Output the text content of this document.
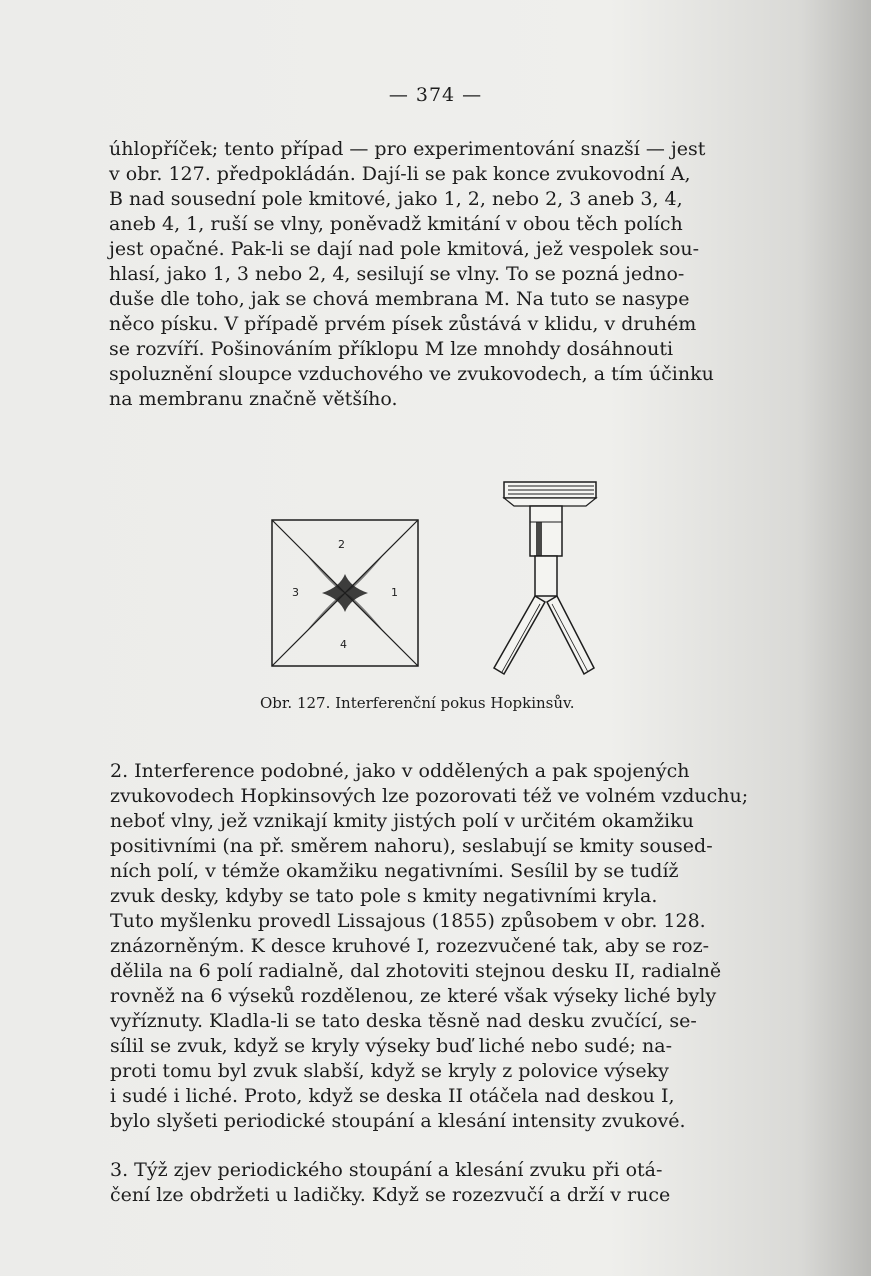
— 374 —
úhlopříček; tento případ — pro experimentování snazší — jest
v obr. 127. předpokládán. Dají-li se pak konce zvukovodní A,
B nad sousední pole kmitové, jako 1, 2, nebo 2, 3 aneb 3, 4,
aneb 4, 1, ruší se vlny, poněvadž kmitání v obou těch polích
jest opačné. Pak-li se dají nad pole kmitová, jež vespolek sou-
hlasí, jako 1, 3 nebo 2, 4, sesilují se vlny. To se pozná jedno-
duše dle toho, jak se chová membrana M. Na tuto se nasype
něco písku. V případě prvém písek zůstává v klidu, v druhém
se rozvíří. Pošinováním příklopu M lze mnohdy dosáhnouti
spoluznění sloupce vzduchového ve zvukovodech, a tím účinku
na membranu značně většího.
2
3	1
4
Obr. 127. Interferenční pokus Hopkinsův.
2. Interference podobné, jako v oddělených a pak spojených
zvukovodech Hopkinsových lze pozorovati též ve volném vzduchu;
neboť vlny, jež vznikají kmity jistých polí v určitém okamžiku
positivními (na př. směrem nahoru), seslabují se kmity soused-
ních polí, v témže okamžiku negativními. Sesílil by se tudíž
zvuk desky, kdyby se tato pole s kmity negativními kryla.
Tuto myšlenku provedl Lissajous (1855) způsobem v obr. 128.
znázorněným. K desce kruhové I, rozezvučené tak, aby se roz-
dělila na 6 polí radialně, dal zhotoviti stejnou desku II, radialně
rovněž na 6 výseků rozdělenou, ze které však výseky liché byly
vyříznuty. Kladla-li se tato deska těsně nad desku zvučící, se-
sílil se zvuk, když se kryly výseky buď liché nebo sudé; na-
proti tomu byl zvuk slabší, když se kryly z polovice výseky
i sudé i liché. Proto, když se deska II otáčela nad deskou I,
bylo slyšeti periodické stoupání a klesání intensity zvukové.
3. Týž zjev periodického stoupání a klesání zvuku při otá-
čení lze obdržeti u ladičky. Když se rozezvučí a drží v ruce
